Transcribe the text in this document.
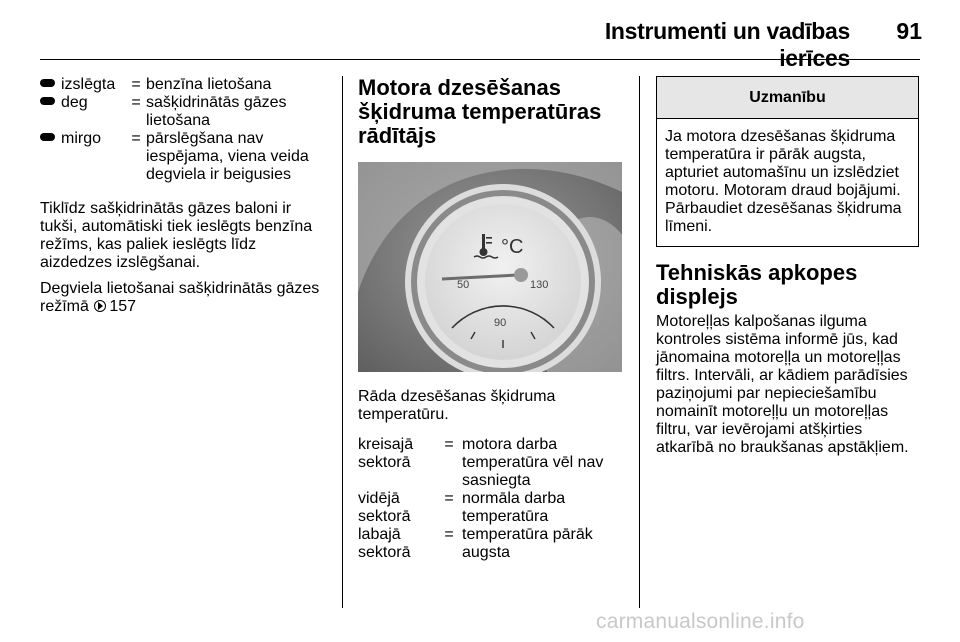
Instrumenti un vadības ierīces
91
izslēgta	=	benzīna lietošana
deg	=	sašķidrinātās gāzes lietošana
mirgo	=	pārslēgšana nav iespējama, viena veida degviela ir beigusies

Tiklīdz sašķidrinātās gāzes baloni ir tukši, automātiski tiek ieslēgts benzīna režīms, kas paliek ieslēgts līdz aizdedzes izslēgšanai.

Degviela lietošanai sašķidrinātās gāzes režīmā 157

Motora dzesēšanas
šķidruma temperatūras
rādītājs
50
90
130
°C

Rāda dzesēšanas šķidruma temperatūru.

kreisajā sektorā	=	motora darba temperatūra vēl nav sasniegta
vidējā sektorā	=	normāla darba temperatūra
labajā sektorā	=	temperatūra pārāk augsta
Uzmanību
Ja motora dzesēšanas šķidruma temperatūra ir pārāk augsta, apturiet automašīnu un izslēdziet motoru. Motoram draud bojājumi. Pārbaudiet dzesēšanas šķidruma līmeni.
Tehniskās apkopes
displejs

Motoreļļas kalpošanas ilguma kontroles sistēma informē jūs, kad jānomaina motoreļļa un motoreļļas filtrs. Intervāli, ar kādiem parādīsies paziņojumi par nepieciešamību nomainīt motoreļļu un motoreļļas filtru, var ievērojami atšķirties atkarībā no braukšanas apstākļiem.

carmanualsonline.info
